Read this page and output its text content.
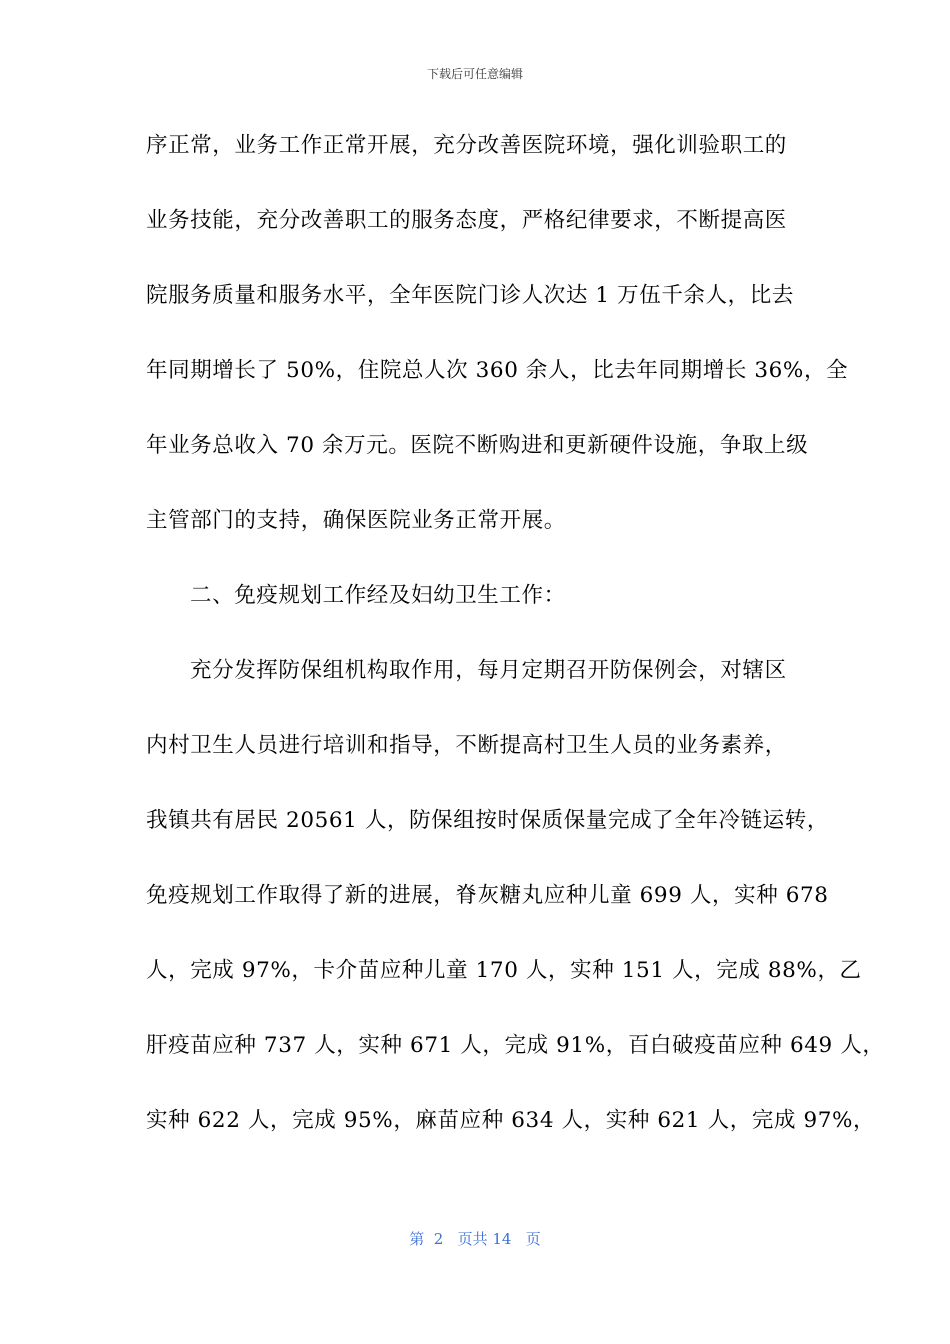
下载后可任意编辑
序正常，业务工作正常开展，充分改善医院环境，强化训验职工的
业务技能，充分改善职工的服务态度，严格纪律要求，不断提高医
院服务质量和服务水平，全年医院门诊人次达 1 万伍千余人，比去
年同期增长了 50%，住院总人次 360 余人，比去年同期增长 36%，全
年业务总收入 70 余万元。医院不断购进和更新硬件设施，争取上级
主管部门的支持，确保医院业务正常开展。
二、免疫规划工作经及妇幼卫生工作：
充分发挥防保组机构取作用，每月定期召开防保例会，对辖区
内村卫生人员进行培训和指导，不断提高村卫生人员的业务素养，
我镇共有居民 20561 人，防保组按时保质保量完成了全年冷链运转，
免疫规划工作取得了新的进展，脊灰糖丸应种儿童 699 人，实种 678
人，完成 97%，卡介苗应种儿童 170 人，实种 151 人，完成 88%，乙
肝疫苗应种 737 人，实种 671 人，完成 91%，百白破疫苗应种 649 人，
实种 622 人，完成 95%，麻苗应种 634 人，实种 621 人，完成 97%，
第  2   页共 14   页
